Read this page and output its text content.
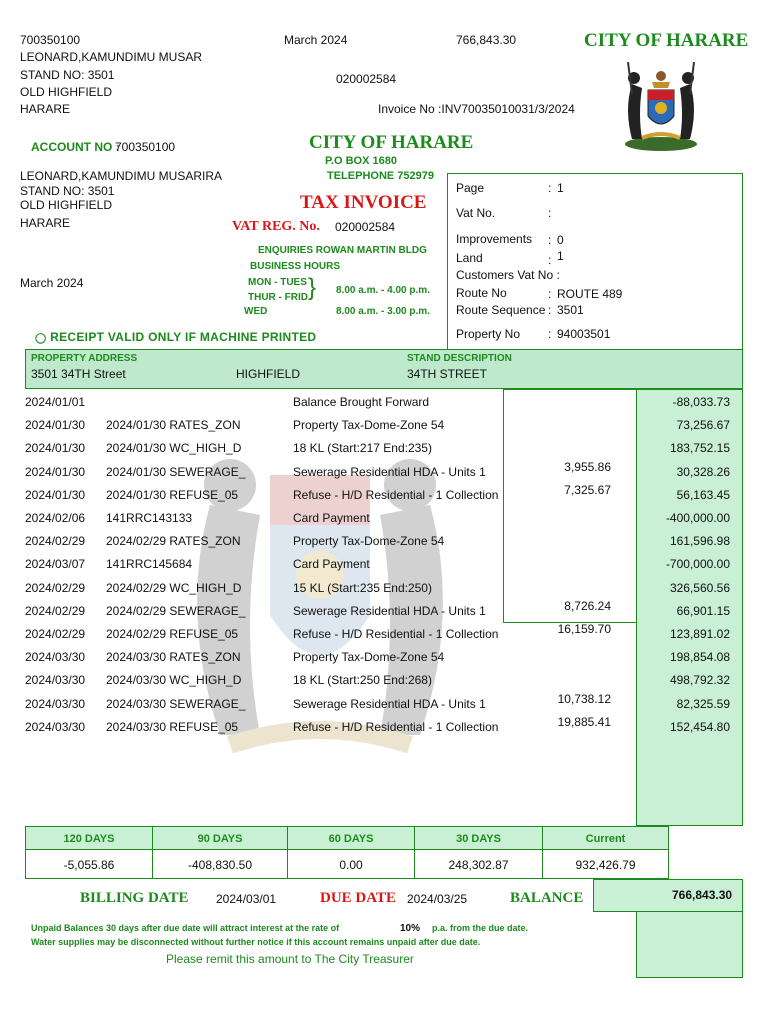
700350100
LEONARD,KAMUNDIMU MUSAR
STAND NO: 3501
OLD HIGHFIELD
HARARE
March 2024	766,843.30
020002584
Invoice No :INV70035010031/3/2024
CITY OF HARARE
ACCOUNT NO :
700350100	CITY OF HARARE
P.O BOX 1680
TELEPHONE 752979
LEONARD,KAMUNDIMU MUSARIRA
STAND NO: 3501
OLD HIGHFIELD
HARARE
March 2024
TAX INVOICE
VAT REG. No. 020002584
ENQUIRIES ROWAN MARTIN BLDG
BUSINESS HOURS
MON - TUES
THUR - FRID } 8.00 a.m. - 4.00 p.m.
WED	8.00 a.m. - 3.00 p.m.
Page	: 1
Vat No.	:
Improvements : 0
Land	: 1
Customers Vat No :
Route No	: ROUTE 489
Route Sequence : 3501
Property No : 94003501
◯ RECEIPT VALID ONLY IF MACHINE PRINTED
PROPERTY ADDRESS
3501 34TH Street	HIGHFIELD
STAND DESCRIPTION
34TH STREET
2024/01/01	Balance Brought Forward	-88,033.73
2024/01/30 2024/01/30 RATES_ZON	Property Tax-Dome-Zone 54	73,256.67
2024/01/30 2024/01/30 WC_HIGH_D	18 KL (Start:217 End:235)	183,752.15
2024/01/30 2024/01/30 SEWERAGE_	Sewerage Residential HDA - Units 1	3,955.86	30,328.26
2024/01/30 2024/01/30 REFUSE_05	Refuse - H/D Residential - 1 Collection	7,325.67	56,163.45
2024/02/06 141RRC143133	Card Payment	-400,000.00
2024/02/29 2024/02/29 RATES_ZON	Property Tax-Dome-Zone 54	161,596.98
2024/03/07 141RRC145684	Card Payment	-700,000.00
2024/02/29 2024/02/29 WC_HIGH_D	15 KL (Start:235 End:250)	326,560.56
2024/02/29 2024/02/29 SEWERAGE_	Sewerage Residential HDA - Units 1	8,726.24	66,901.15
2024/02/29 2024/02/29 REFUSE_05	Refuse - H/D Residential - 1 Collection	16,159.70	123,891.02
2024/03/30 2024/03/30 RATES_ZON	Property Tax-Dome-Zone 54	198,854.08
2024/03/30 2024/03/30 WC_HIGH_D	18 KL (Start:250 End:268)	498,792.32
2024/03/30 2024/03/30 SEWERAGE_	Sewerage Residential HDA - Units 1	10,738.12	82,325.59
2024/03/30 2024/03/30 REFUSE_05	Refuse - H/D Residential - 1 Collection	19,885.41	152,454.80
120 DAYS	90 DAYS	60 DAYS	30 DAYS	Current
-5,055.86	-408,830.50	0.00	248,302.87	932,426.79
BILLING DATE 2024/03/01	DUE DATE 2024/03/25	BALANCE	766,843.30
Unpaid Balances 30 days after due date will attract interest at the rate of	10% p.a. from the due date.
Water supplies may be disconnected without further notice if this account remains unpaid after due date.
Please remit this amount to The City Treasurer
